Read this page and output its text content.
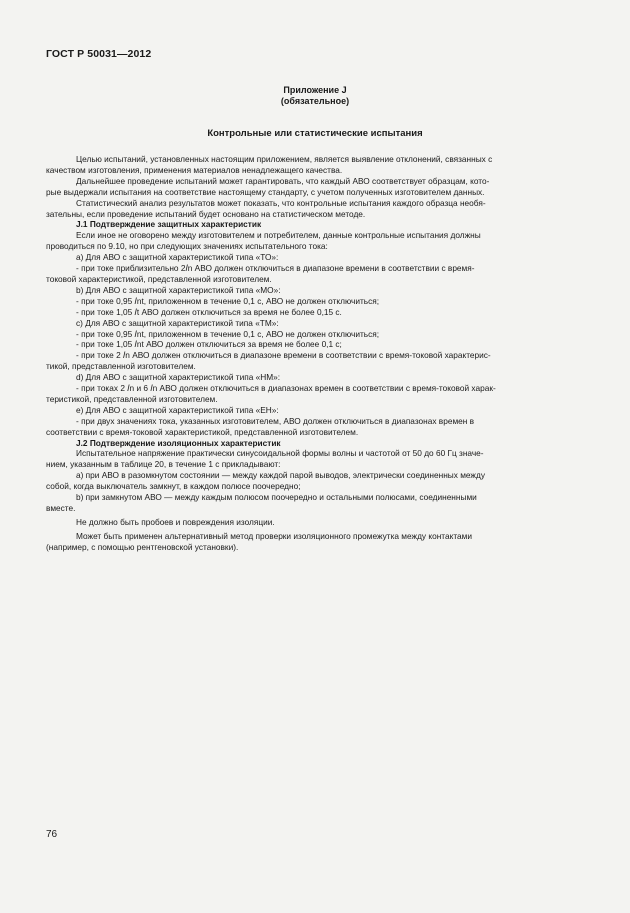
ГОСТ Р 50031—2012
Приложение J
(обязательное)
Контрольные или статистические испытания

Целью испытаний, установленных настоящим приложением, является выявление отклонений, связанных с

качеством изготовления, применения материалов ненадлежащего качества.

Дальнейшее проведение испытаний может гарантировать, что каждый АВО соответствует образцам, кото-

рые выдержали испытания на соответствие настоящему стандарту, с учетом полученных изготовителем данных.

Статистический анализ результатов может показать, что контрольные испытания каждого образца необя-

зательны, если проведение испытаний будет основано на статистическом методе.

J.1 Подтверждение защитных характеристик

Если иное не оговорено между изготовителем и потребителем, данные контрольные испытания должны

проводиться по 9.10, но при следующих значениях испытательного тока:

a) Для АВО с защитной характеристикой типа «ТО»:

- при токе приблизительно 2𝐼n АВО должен отключиться в диапазоне времени в соответствии с время-

токовой характеристикой, представленной изготовителем.

b) Для АВО с защитной характеристикой типа «МО»:

- при токе 0,95 𝐼nt, приложенном в течение 0,1 с, АВО не должен отключиться;

- при токе 1,05 𝐼t АВО должен отключиться за время не более 0,15 с.

c) Для АВО с защитной характеристикой типа «ТМ»:

- при токе 0,95 𝐼nt, приложенном в течение 0,1 с, АВО не должен отключиться;

- при токе 1,05 𝐼nt АВО должен отключиться за время не более 0,1 с;

- при токе 2 𝐼n АВО должен отключиться в диапазоне времени в соответствии с время-токовой характерис-

тикой, представленной изготовителем.

d) Для АВО с защитной характеристикой типа «НМ»:

- при токах 2 𝐼n и 6 𝐼n АВО должен отключиться в диапазонах времен в соответствии с время-токовой харак-

теристикой, представленной изготовителем.

e) Для АВО с защитной характеристикой типа «ЕН»:

- при двух значениях тока, указанных изготовителем, АВО должен отключиться в диапазонах времен в

соответствии с время-токовой характеристикой, представленной изготовителем.

J.2 Подтверждение изоляционных характеристик

Испытательное напряжение практически синусоидальной формы волны и частотой от 50 до 60 Гц значе-

нием, указанным в таблице 20, в течение 1 с прикладывают:

a) при АВО в разомкнутом состоянии — между каждой парой выводов, электрически соединенных между

собой, когда выключатель замкнут, в каждом полюсе поочередно;

b) при замкнутом АВО — между каждым полюсом поочередно и остальными полюсами, соединенными

вместе.

Не должно быть пробоев и повреждения изоляции.

Может быть применен альтернативный метод проверки изоляционного промежутка между контактами

(например, с помощью рентгеновской установки).

76
